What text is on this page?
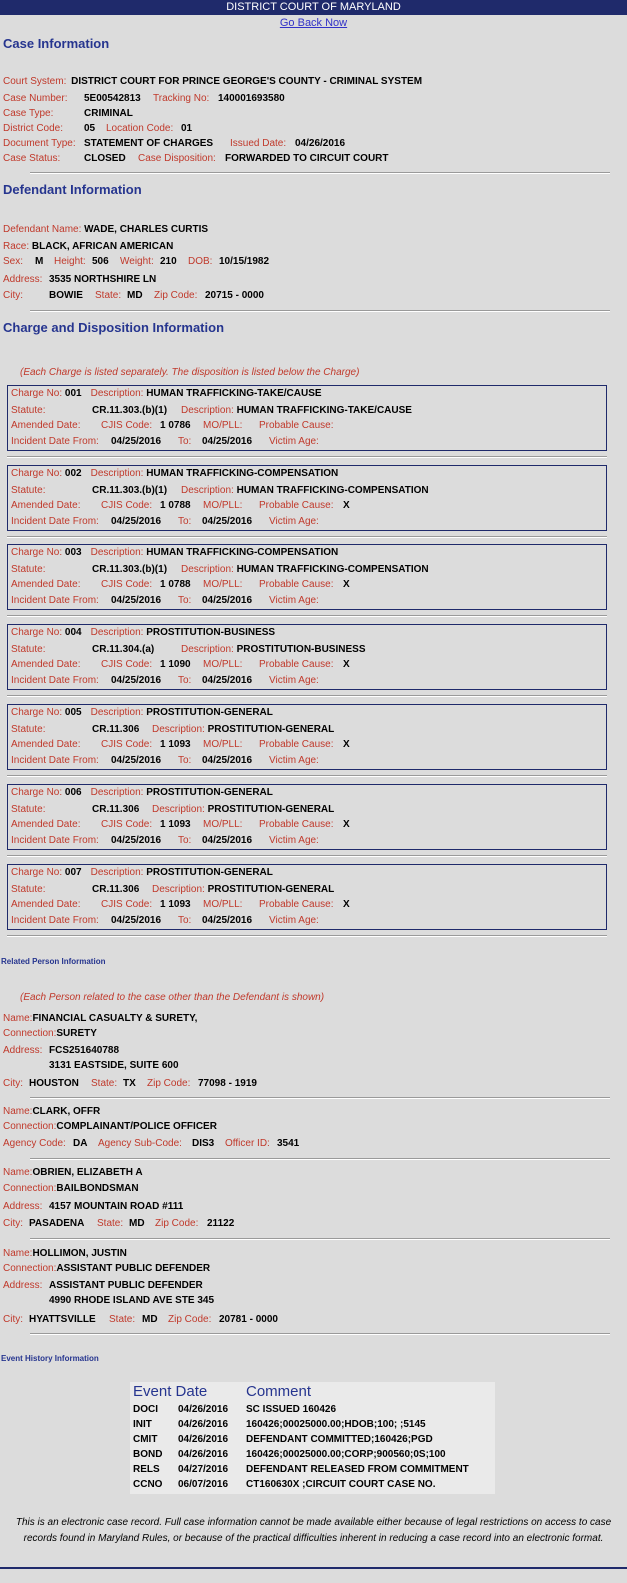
DISTRICT COURT OF MARYLAND
Go Back Now
Case Information
Court System: DISTRICT COURT FOR PRINCE GEORGE'S COUNTY - CRIMINAL SYSTEM
Case Number: 5E00542813 Tracking No: 140001693580
Case Type:	CRIMINAL
District Code: 05 Location Code: 01
Document Type: STATEMENT OF CHARGES Issued Date: 04/26/2016
Case Status: CLOSED Case Disposition: FORWARDED TO CIRCUIT COURT
Defendant Information
Defendant Name: WADE, CHARLES CURTIS
Race: BLACK, AFRICAN AMERICAN
Sex: M Height: 506 Weight: 210 DOB: 10/15/1982
Address: 3535 NORTHSHIRE LN
City:	BOWIE State: MD Zip Code: 20715 - 0000
Charge and Disposition Information
(Each Charge is listed separately. The disposition is listed below the Charge)
Charge No: 001 Description: HUMAN TRAFFICKING-TAKE/CAUSE
Statute:	CR.11.303.(b)(1) Description: HUMAN TRAFFICKING-TAKE/CAUSE
Amended Date: CJIS Code: 1 0786 MO/PLL: Probable Cause:
Incident Date From: 04/25/2016 To: 04/25/2016 Victim Age:
Charge No: 002 Description: HUMAN TRAFFICKING-COMPENSATION
Statute:	CR.11.303.(b)(1) Description: HUMAN TRAFFICKING-COMPENSATION
Amended Date: CJIS Code: 1 0788 MO/PLL: Probable Cause: X
Incident Date From: 04/25/2016 To: 04/25/2016 Victim Age:
Charge No: 003 Description: HUMAN TRAFFICKING-COMPENSATION
Statute:	CR.11.303.(b)(1) Description: HUMAN TRAFFICKING-COMPENSATION
Amended Date: CJIS Code: 1 0788 MO/PLL: Probable Cause: X
Incident Date From: 04/25/2016 To: 04/25/2016 Victim Age:
Charge No: 004 Description: PROSTITUTION-BUSINESS
Statute:	CR.11.304.(a)	Description: PROSTITUTION-BUSINESS
Amended Date: CJIS Code: 1 1090 MO/PLL: Probable Cause: X
Incident Date From: 04/25/2016 To: 04/25/2016 Victim Age:
Charge No: 005 Description: PROSTITUTION-GENERAL
Statute:	CR.11.306 Description: PROSTITUTION-GENERAL
Amended Date: CJIS Code: 1 1093 MO/PLL: Probable Cause: X
Incident Date From: 04/25/2016 To: 04/25/2016 Victim Age:
Charge No: 006 Description: PROSTITUTION-GENERAL
Statute:	CR.11.306 Description: PROSTITUTION-GENERAL
Amended Date: CJIS Code: 1 1093 MO/PLL: Probable Cause: X
Incident Date From: 04/25/2016 To: 04/25/2016 Victim Age:
Charge No: 007 Description: PROSTITUTION-GENERAL
Statute:	CR.11.306 Description: PROSTITUTION-GENERAL
Amended Date: CJIS Code: 1 1093 MO/PLL: Probable Cause: X
Incident Date From: 04/25/2016 To: 04/25/2016 Victim Age:
Related Person Information
(Each Person related to the case other than the Defendant is shown)
Name:FINANCIAL CASUALTY & SURETY,
Connection:SURETY
Address: FCS251640788
3131 EASTSIDE, SUITE 600
City: HOUSTON State: TX Zip Code: 77098 - 1919
Name:CLARK, OFFR
Connection:COMPLAINANT/POLICE OFFICER
Agency Code: DA Agency Sub-Code: DIS3 Officer ID: 3541
Name:OBRIEN, ELIZABETH A
Connection:BAILBONDSMAN
Address: 4157 MOUNTAIN ROAD #111
City: PASADENA State: MD Zip Code: 21122
Name:HOLLIMON, JUSTIN
Connection:ASSISTANT PUBLIC DEFENDER
Address: ASSISTANT PUBLIC DEFENDER
4990 RHODE ISLAND AVE STE 345
City: HYATTSVILLE State: MD Zip Code: 20781 - 0000
Event History Information
Event Date	Comment
DOCI 04/26/2016 SC ISSUED 160426
INIT	04/26/2016 160426;00025000.00;HDOB;100; ;5145
CMIT 04/26/2016 DEFENDANT COMMITTED;160426;PGD
BOND 04/26/2016 160426;00025000.00;CORP;900560;0S;100
RELS 04/27/2016 DEFENDANT RELEASED FROM COMMITMENT
CCNO 06/07/2016 CT160630X ;CIRCUIT COURT CASE NO.
This is an electronic case record. Full case information cannot be made available either because of legal restrictions on access to case records found in Maryland Rules, or because of the practical difficulties inherent in reducing a case record into an electronic format.
